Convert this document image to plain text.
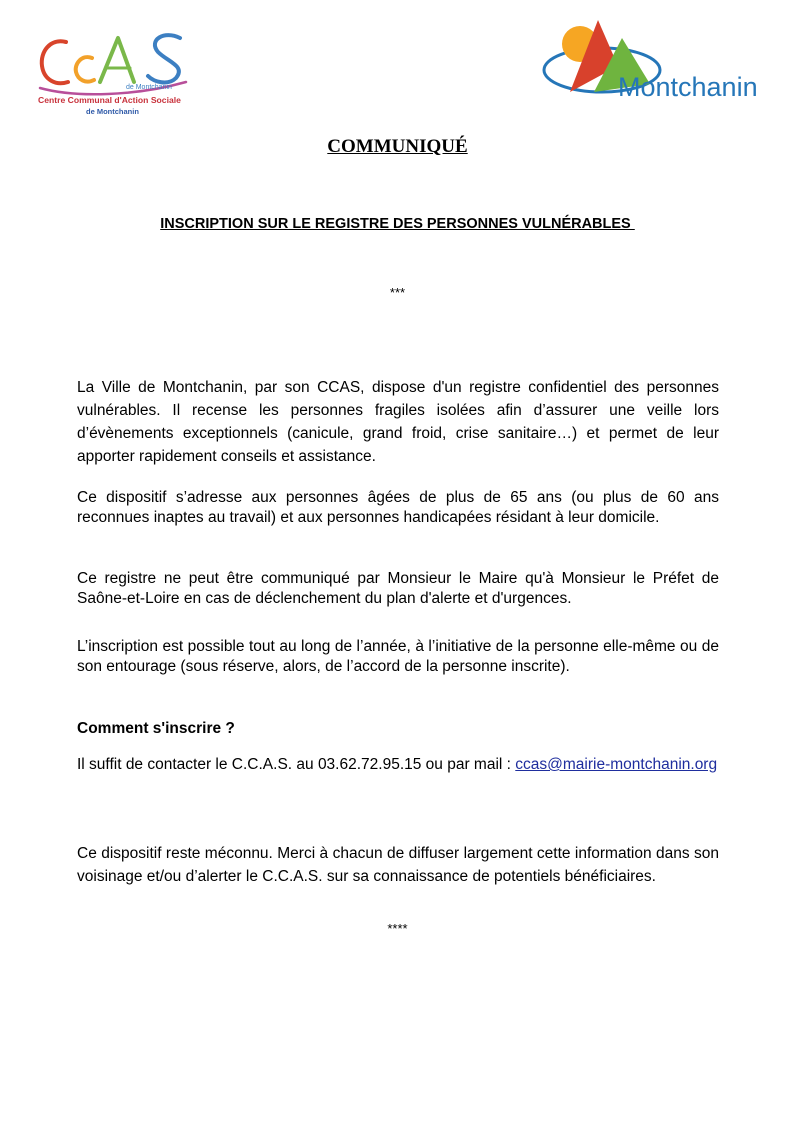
de Montchanin
Centre Communal d'Action Sociale
de Montchanin
Montchanin
COMMUNIQUÉ
INSCRIPTION SUR LE REGISTRE DES PERSONNES VULNÉRABLES

***

La Ville de Montchanin, par son CCAS, dispose d'un registre confidentiel des personnes vulnérables. Il recense les personnes fragiles isolées afin d’assurer une veille lors d’évènements exceptionnels (canicule, grand froid, crise sanitaire…) et permet de leur apporter rapidement conseils et assistance.

Ce dispositif s’adresse aux personnes âgées de plus de 65 ans (ou plus de 60 ans reconnues inaptes au travail) et aux personnes handicapées résidant à leur domicile.

Ce registre ne peut être communiqué par Monsieur le Maire qu'à Monsieur le Préfet de Saône-et-Loire en cas de déclenchement du plan d'alerte et d'urgences.

L’inscription est possible tout au long de l’année, à l’initiative de la personne elle-même ou de son entourage (sous réserve, alors, de l’accord de la personne inscrite).

Comment s'inscrire ?

Il suffit de contacter le C.C.A.S. au 03.62.72.95.15 ou par mail : ccas@mairie-montchanin.org

Ce dispositif reste méconnu. Merci à chacun de diffuser largement cette information dans son voisinage et/ou d’alerter le C.C.A.S. sur sa connaissance de potentiels bénéficiaires.

****
